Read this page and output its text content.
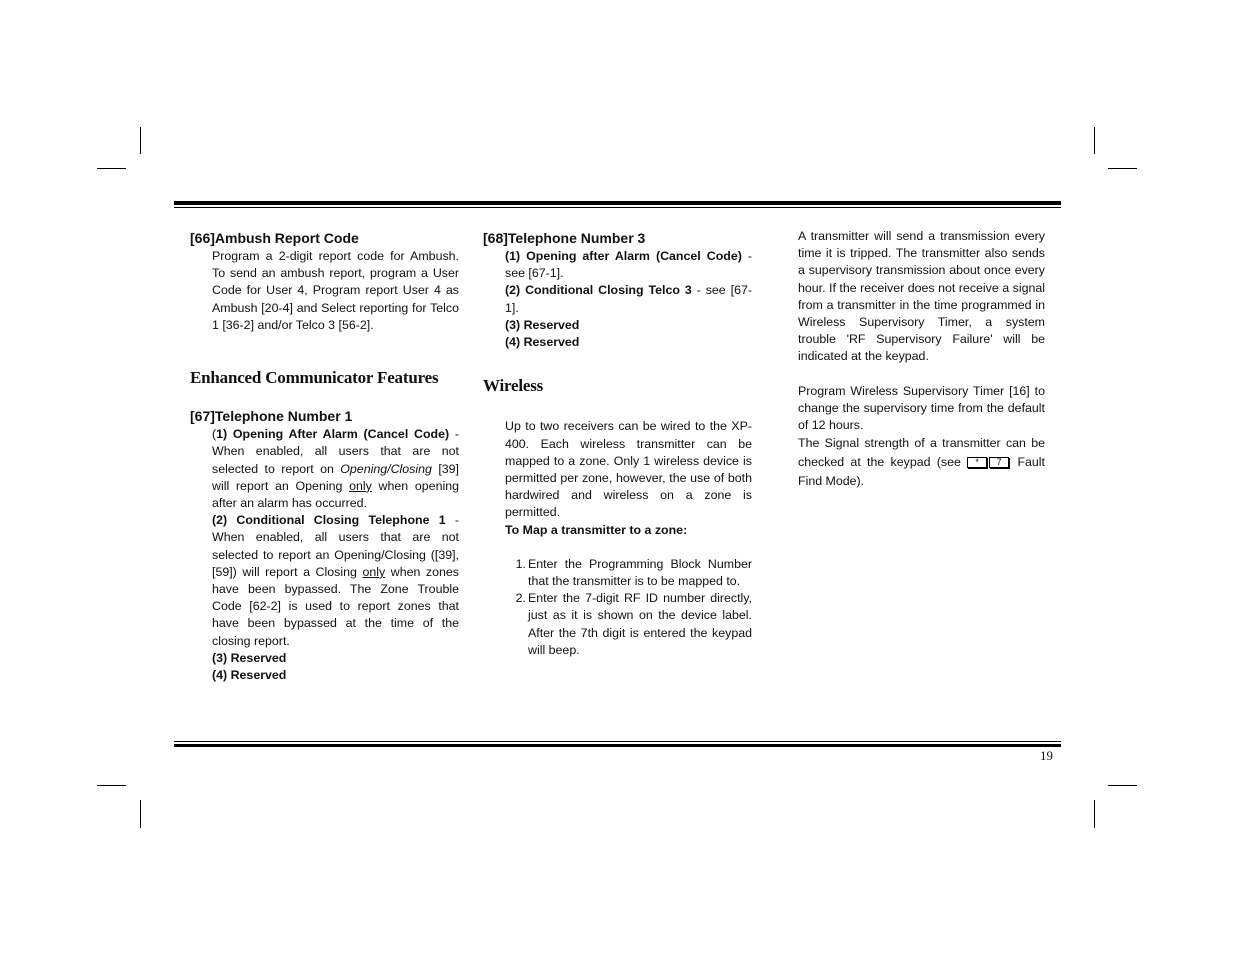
[66]Ambush Report Code

Program a 2-digit report code for Ambush. To send an ambush report, program a User Code for User 4, Program report User 4 as Ambush [20-4] and Select reporting for Telco 1 [36-2] and/or Telco 3 [56-2].

Enhanced Communicator Features

[67]Telephone Number 1

(1) Opening After Alarm (Cancel Code) - When enabled, all users that are not selected to report on Opening/Closing [39] will report an Opening only when opening after an alarm has occurred.

(2) Conditional Closing Telephone 1 - When enabled, all users that are not selected to report an Opening/Closing ([39], [59]) will report a Closing only when zones have been bypassed. The Zone Trouble Code [62-2] is used to report zones that have been bypassed at the time of the closing report.

(3) Reserved

(4) Reserved

[68]Telephone Number 3

(1) Opening after Alarm (Cancel Code) - see [67-1].

(2) Conditional Closing Telco 3 - see [67-1].

(3) Reserved

(4) Reserved

Wireless

Up to two receivers can be wired to the XP-400. Each wireless transmitter can be mapped to a zone. Only 1 wireless device is permitted per zone, however, the use of both hardwired and wireless on a zone is permitted.

To Map a transmitter to a zone:

1. Enter the Programming Block Number that the transmitter is to be mapped to.
2. Enter the 7-digit RF ID number directly, just as it is shown on the device label. After the 7th digit is entered the keypad will beep.

A transmitter will send a transmission every time it is tripped. The transmitter also sends a supervisory transmission about once every hour. If the receiver does not receive a signal from a transmitter in the time programmed in Wireless Supervisory Timer, a system trouble 'RF Supervisory Failure' will be indicated at the keypad.

Program Wireless Supervisory Timer [16] to change the supervisory time from the default of 12 hours.

The Signal strength of a transmitter can be checked at the keypad (see * 7 Fault Find Mode).

19
